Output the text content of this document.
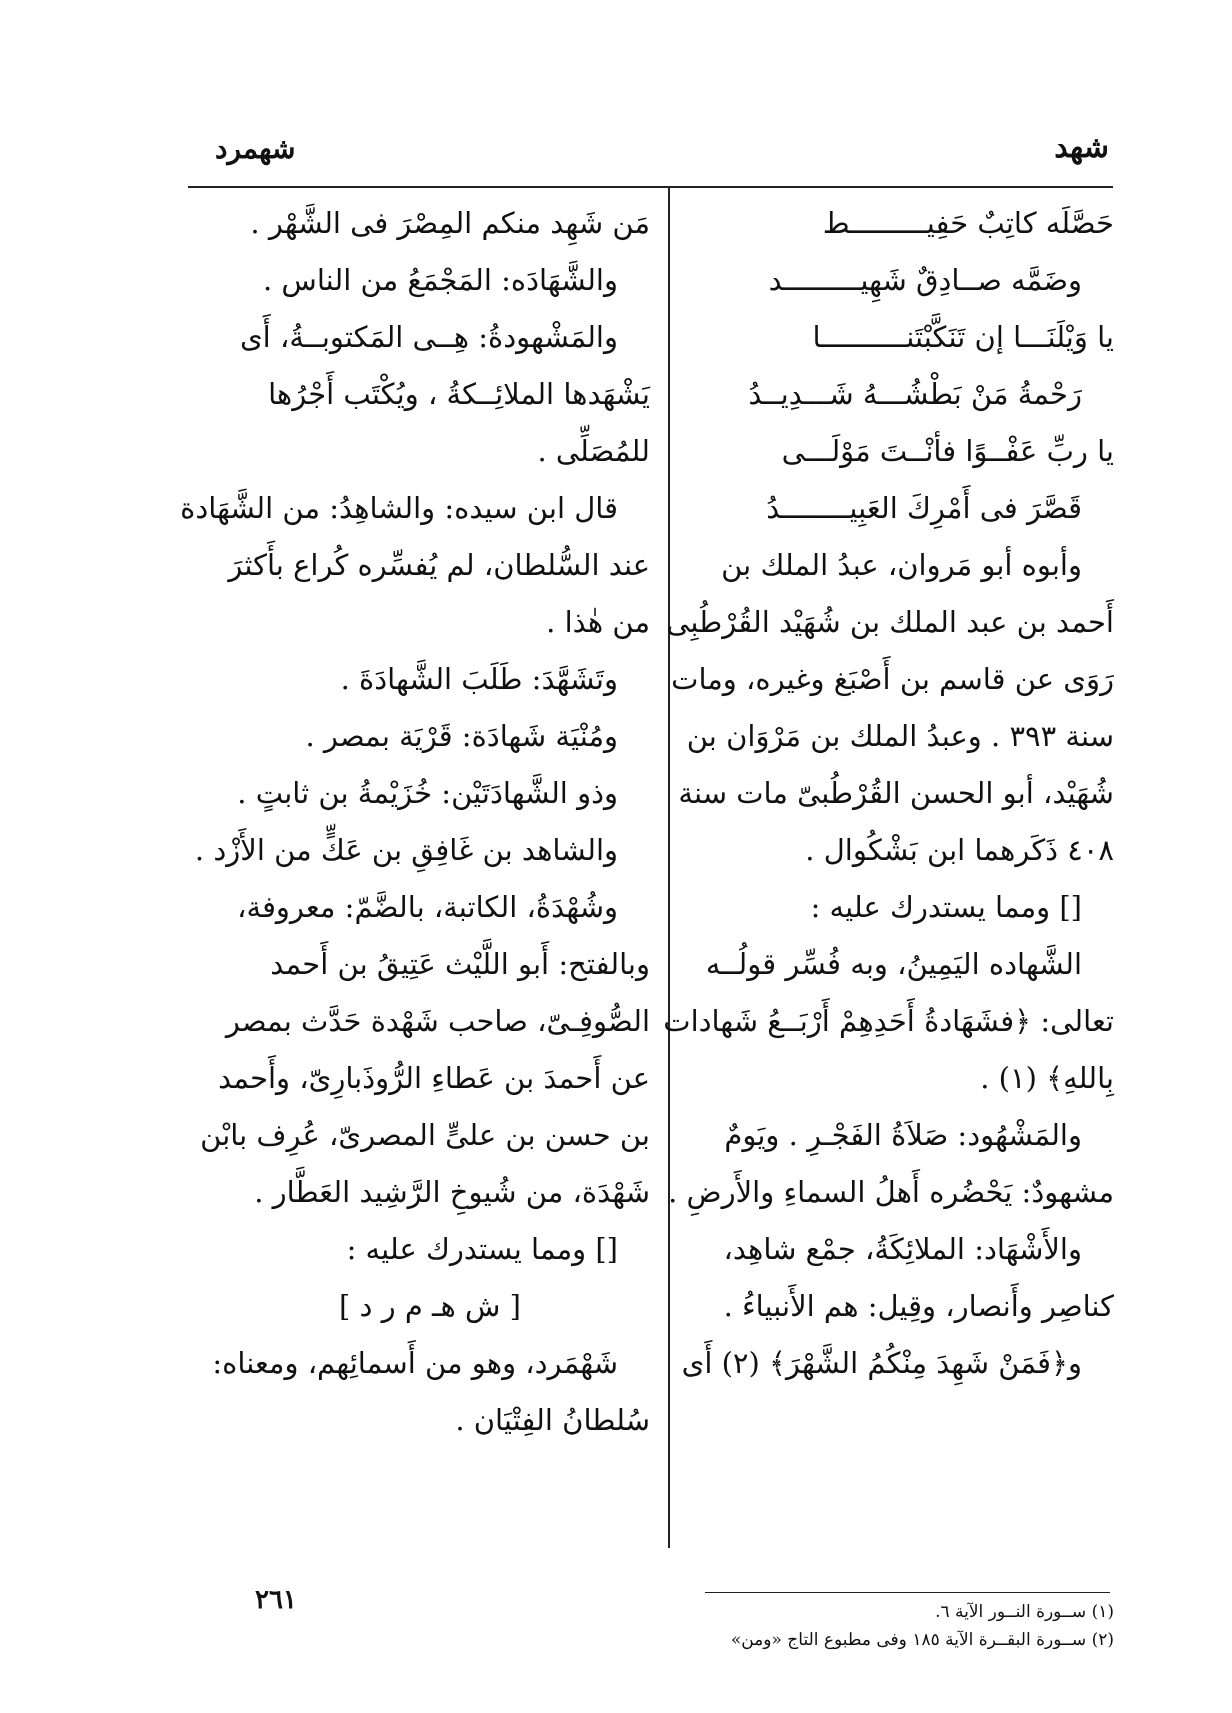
شهمرد	شهد

حَصَّلَه كاتِبٌ حَفِيـــــــــط

وضَمَّه صــادِقٌ شَهِيـــــــــد

يا وَيْلَنَـــا إن تَنَكَّبْتَنــــــــــا

رَحْمةُ مَنْ بَطْشُـــهُ شَـــدِيــدُ

يا ربِّ عَفْــوًا فأنْــتَ مَوْلَـــى

قَصَّرَ فى أَمْرِكَ العَبِيــــــــدُ

وأبوه أبو مَروان، عبدُ الملك بن

أَحمد بن عبد الملك بن شُهَيْد القُرْطُبِى

رَوَى عن قاسم بن أَصْبَغ وغيره، ومات

سنة ٣٩٣ . وعبدُ الملك بن مَرْوَان بن

شُهَيْد، أبو الحسن القُرْطُبىّ مات سنة

٤٠٨ ذَكَرهما ابن بَشْكُوال .

[] ومما يستدرك عليه :

الشَّهاده اليَمِينُ، وبه فُسِّر قولُــه

تعالى: ﴿فشَهَادةُ أَحَدِهِمْ أَرْبَــعُ شَهادات

بِاللهِ﴾ (١) .

والمَشْهُود: صَلاَةُ الفَجْـرِ . ويَومٌ

مشهودٌ: يَحْضُره أَهلُ السماءِ والأَرضِ .

والأَشْهَاد: الملائِكَةُ، جمْع شاهِد،

كناصِر وأَنصار، وقِيل: هم الأَنبياءُ .

و﴿فَمَنْ شَهِدَ مِنْكُمُ الشَّهْرَ﴾ (٢) أَى

مَن شَهِد منكم المِصْرَ فى الشَّهْر .

والشَّهَادَه: المَجْمَعُ من الناس .

والمَشْهودةُ: هِــى المَكتوبــةُ، أَى

يَشْهَدها الملائِــكةُ ، ويُكْتَب أَجْرُها

للمُصَلِّى .

قال ابن سيده: والشاهِدُ: من الشَّهَادة

عند السُّلطان، لم يُفسِّره كُراع بأَكثرَ

من هٰذا .

وتَشَهَّدَ: طَلَبَ الشَّهادَةَ .

ومُنْيَة شَهادَة: قَرْيَة بمصر .

وذو الشَّهادَتَيْن: خُزَيْمةُ بن ثابتٍ .

والشاهد بن غَافِقِ بن عَكٍّ من الأَزْد .

وشُهْدَةُ، الكاتبة، بالضَّمّ: معروفة،

وبالفتح: أَبو اللَّيْث عَتِيقُ بن أَحمد

الصُّوفِـىّ، صاحب شَهْدة حَدَّث بمصر

عن أَحمدَ بن عَطاءِ الرُّوذَبارِىّ، وأَحمد

بن حسن بن علىٍّ المصرىّ، عُرِف بابْن

شَهْدَة، من شُيوخِ الرَّشِيد العَطَّار .

[] ومما يستدرك عليه :

[ ش هـ م ر د ]

شَهْمَرد، وهو من أَسمائِهم، ومعناه:

سُلطانُ الفِتْيَان .

(١) ســورة النــور الآية ٦.

(٢) ســورة البقــرة الآية ١٨٥ وفى مطبوع التاج «ومن»

٢٦١
